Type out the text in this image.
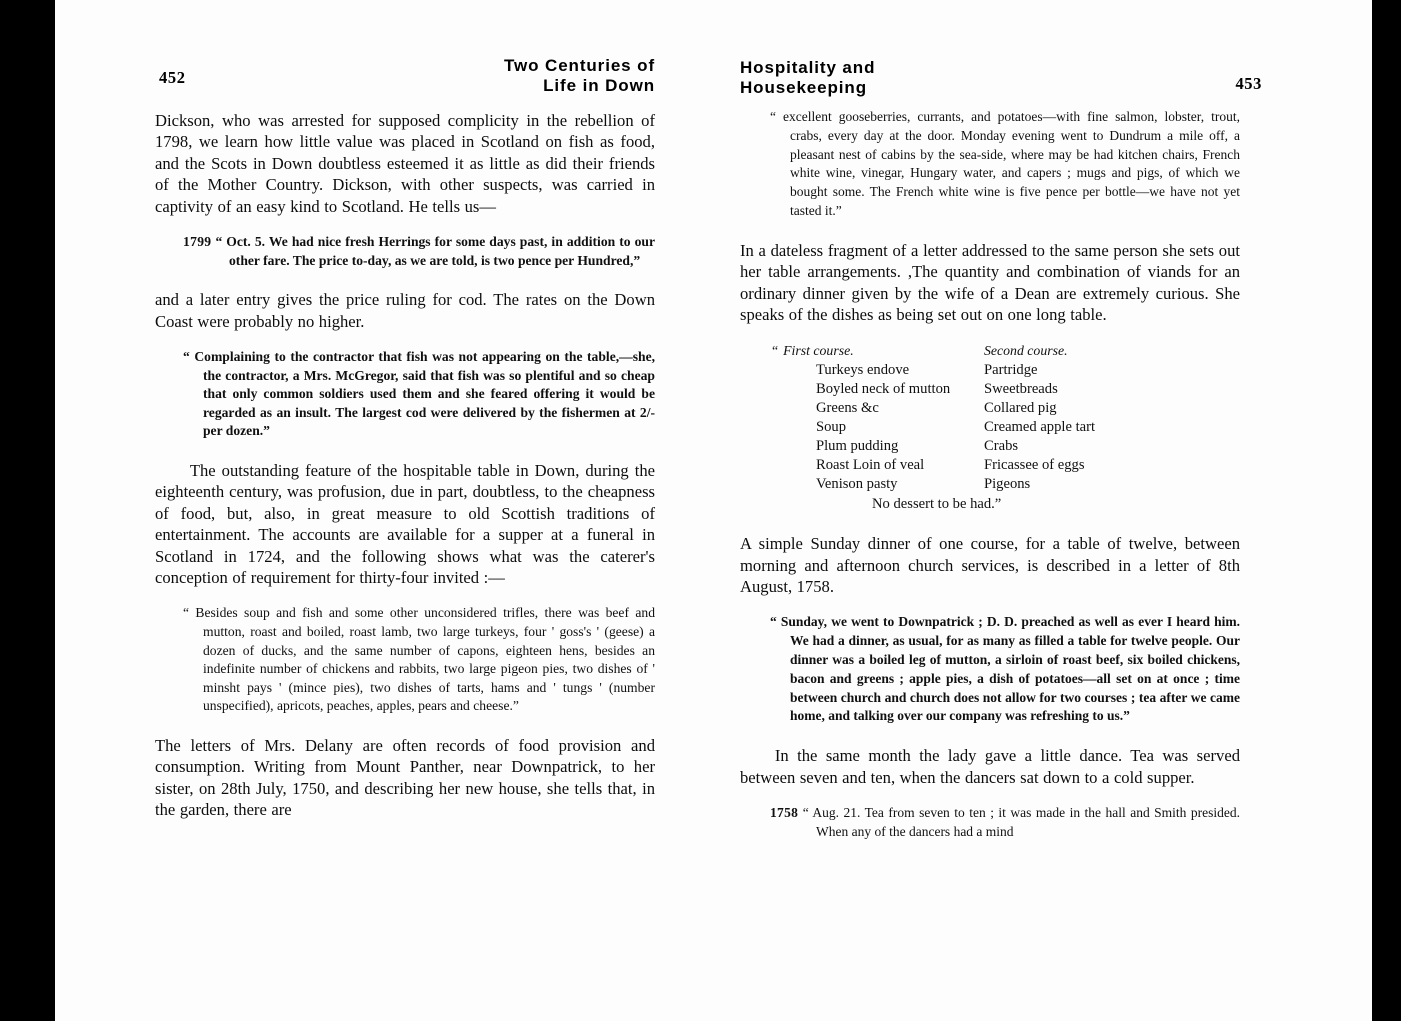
452
Two Centuries of
Life in Down

Dickson, who was arrested for supposed complicity in the rebellion of 1798, we learn how little value was placed in Scotland on fish as food, and the Scots in Down doubtless esteemed it as little as did their friends of the Mother Country. Dickson, with other suspects, was carried in captivity of an easy kind to Scotland. He tells us—

1799 “ Oct. 5. We had nice fresh Herrings for some days past, in addition to our other fare. The price to-day, as we are told, is two pence per Hundred,”

and a later entry gives the price ruling for cod. The rates on the Down Coast were probably no higher.

“ Complaining to the contractor that fish was not appearing on the table,—she, the contractor, a Mrs. McGregor, said that fish was so plentiful and so cheap that only common soldiers used them and she feared offering it would be regarded as an insult. The largest cod were delivered by the fishermen at 2/- per dozen.”

The outstanding feature of the hospitable table in Down, during the eighteenth century, was profusion, due in part, doubtless, to the cheapness of food, but, also, in great measure to old Scottish traditions of entertainment. The accounts are available for a supper at a funeral in Scotland in 1724, and the following shows what was the caterer's conception of requirement for thirty-four invited :—

“ Besides soup and fish and some other unconsidered trifles, there was beef and mutton, roast and boiled, roast lamb, two large turkeys, four ' goss's ' (geese) a dozen of ducks, and the same number of capons, eighteen hens, besides an indefinite number of chickens and rabbits, two large pigeon pies, two dishes of ' minsht pays ' (mince pies), two dishes of tarts, hams and ' tungs ' (number unspecified), apricots, peaches, apples, pears and cheese.”

The letters of Mrs. Delany are often records of food provision and consumption. Writing from Mount Panther, near Downpatrick, to her sister, on 28th July, 1750, and describing her new house, she tells that, in the garden, there are

Hospitality and
Housekeeping	453
“ excellent gooseberries, currants, and potatoes—with fine salmon, lobster, trout, crabs, every day at the door. Monday evening went to Dundrum a mile off, a pleasant nest of cabins by the sea-side, where may be had kitchen chairs, French white wine, vinegar, Hungary water, and capers ; mugs and pigs, of which we bought some. The French white wine is five pence per bottle—we have not yet tasted it.”

In a dateless fragment of a letter addressed to the same person she sets out her table arrangements. ,The quantity and combination of viands for an ordinary dinner given by the wife of a Dean are extremely curious. She speaks of the dishes as being set out on one long table.

“ First course.	Second course.
Turkeys endove	Partridge
Boyled neck of mutton	Sweetbreads
Greens &c	Collared pig
Soup	Creamed apple tart
Plum pudding	Crabs
Roast Loin of veal	Fricassee of eggs
Venison pasty	Pigeons
No dessert to be had.”

A simple Sunday dinner of one course, for a table of twelve, between morning and afternoon church services, is described in a letter of 8th August, 1758.

“ Sunday, we went to Downpatrick ; D. D. preached as well as ever I heard him. We had a dinner, as usual, for as many as filled a table for twelve people. Our dinner was a boiled leg of mutton, a sirloin of roast beef, six boiled chickens, bacon and greens ; apple pies, a dish of potatoes—all set on at once ; time between church and church does not allow for two courses ; tea after we came home, and talking over our company was refreshing to us.”

In the same month the lady gave a little dance. Tea was served between seven and ten, when the dancers sat down to a cold supper.

1758 “ Aug. 21. Tea from seven to ten ; it was made in the hall and Smith presided. When any of the dancers had a mind
